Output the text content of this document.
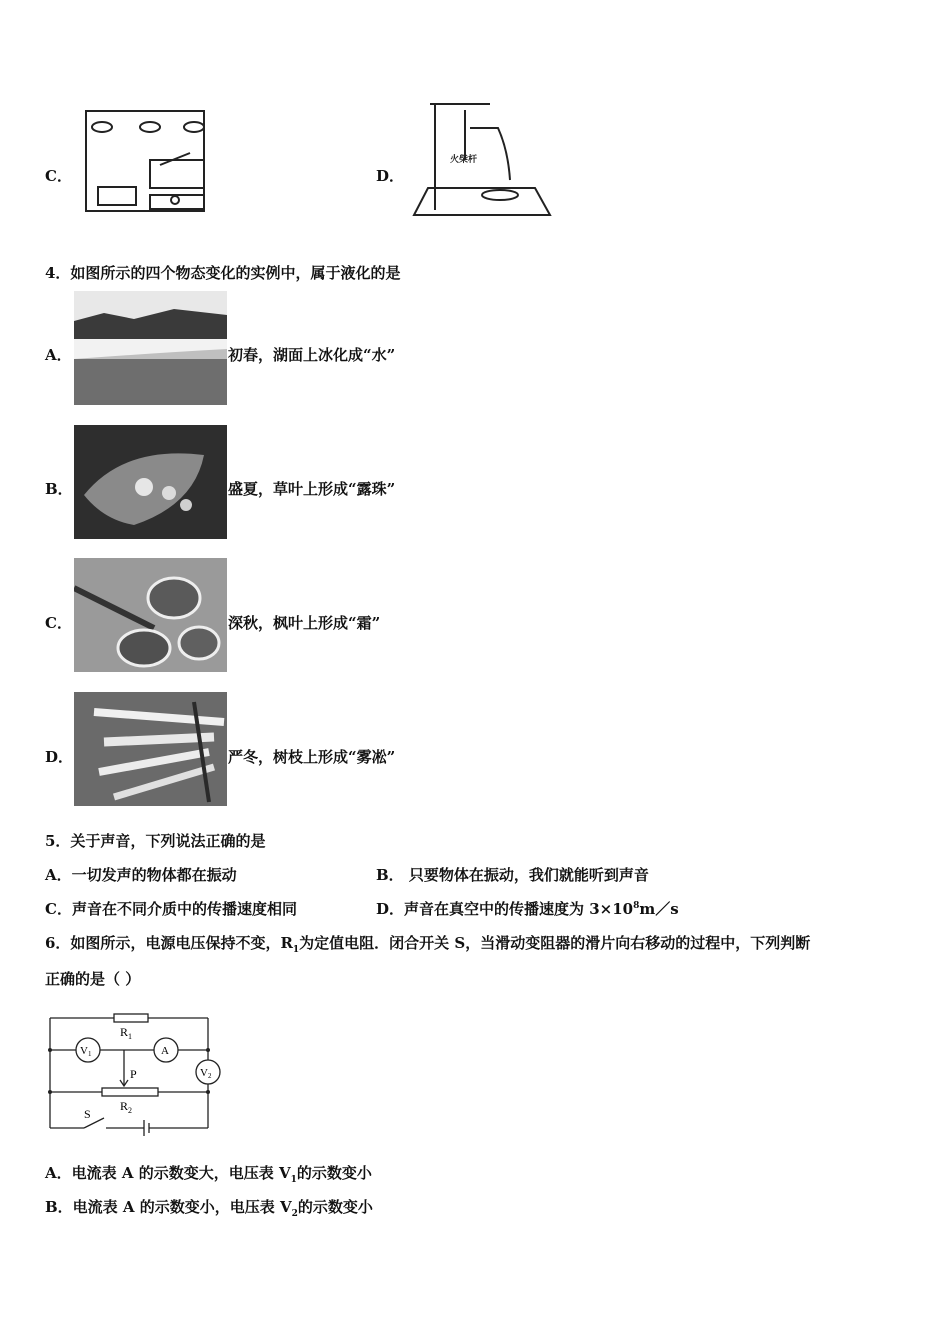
C．	D．
火柴杆
4．如图所示的四个物态变化的实例中，属于液化的是
A．	初春，湖面上冰化成“水”
B．	盛夏，草叶上形成“露珠”
C．	深秋，枫叶上形成“霜”
D．	严冬，树枝上形成“雾凇”
5．关于声音，下列说法正确的是
A．一切发声的物体都在振动	B． 只要物体在振动，我们就能听到声音
C．声音在不同介质中的传播速度相同	D．声音在真空中的传播速度为 $3\times 10^8m/s$
6．如图所示，电源电压保持不变，$R_1$为定值电阻．闭合开关 S，当滑动变阻器的滑片向右移动的过程中，下列判断
正确的是（ ）
$R_1$
V1	A
V2
P
$R_2$
S
A．电流表 A 的示数变大，电压表 $V_1$的示数变小
B．电流表 A 的示数变小，电压表 $V_2$的示数变小
